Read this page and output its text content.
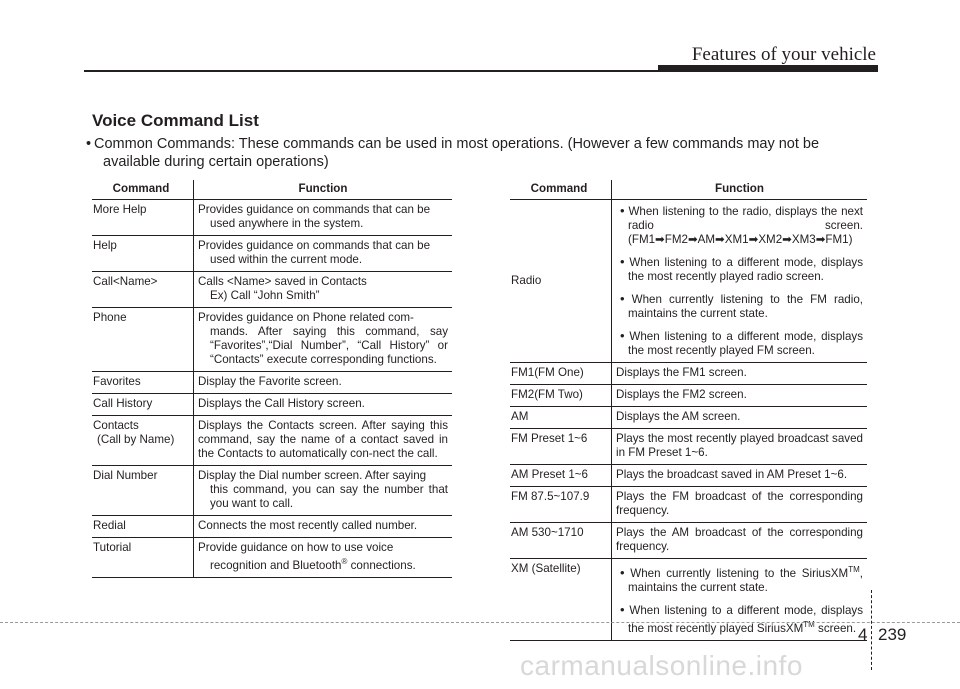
Features of your vehicle
Voice Command List
• Common Commands: These commands can be used in most operations. (However a few commands may not be
available during certain operations)
Command	Function
More Help	Provides guidance on commands that can be
used anywhere in the system.

Help	Provides guidance on commands that can be
used within the current mode.

Call<Name>	Calls <Name> saved in Contacts
Ex) Call “John Smith”

Phone	Provides guidance on Phone related com-
mands. After saying this command, say “Favorites”,“Dial Number”, “Call History” or “Contacts” execute corresponding functions.

Favorites	Display the Favorite screen.
Call History	Displays the Call History screen.
Contacts
(Call by Name)	Displays the Contacts screen. After saying this command, say the name of a contact saved in the Contacts to automatically con-nect the call.
Dial Number	Display the Dial number screen. After saying
this command, you can say the number that you want to call.

Redial	Connects the most recently called number.
Tutorial	Provide guidance on how to use voice
recognition and Bluetooth® connections.
Command	Function
Radio	• When listening to the radio, displays the next radio screen. (FM1➡FM2➡AM➡XM1➡XM2➡XM3➡FM1)
• When listening to a different mode, displays the most recently played radio screen.
• When currently listening to the FM radio, maintains the current state.
• When listening to a different mode, displays the most recently played FM screen.

FM1(FM One)	Displays the FM1 screen.
FM2(FM Two)	Displays the FM2 screen.
AM	Displays the AM screen.
FM Preset 1~6	Plays the most recently played broadcast saved in FM Preset 1~6.
AM Preset 1~6	Plays the broadcast saved in AM Preset 1~6.
FM 87.5~107.9	Plays the FM broadcast of the corresponding frequency.
AM 530~1710	Plays the AM broadcast of the corresponding frequency.
XM (Satellite)	• When currently listening to the SiriusXM™, maintains the current state.
• When listening to a different mode, displays the most recently played SiriusXM™ screen. 4 239
carmanualsonline.info
